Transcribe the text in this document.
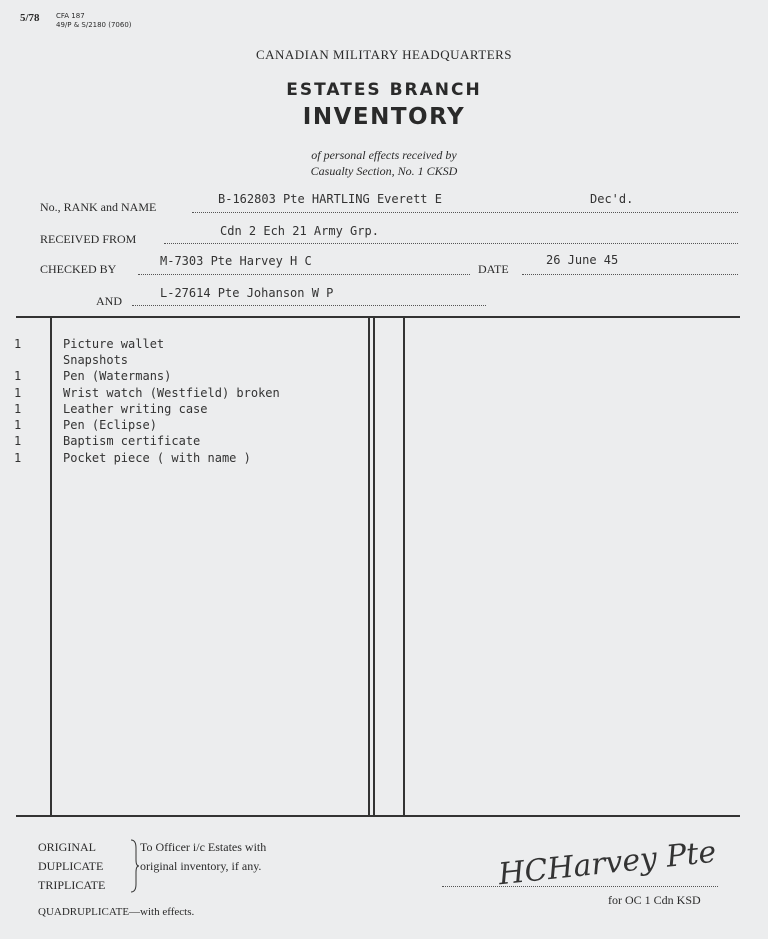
5/78 CFA 187
49/P & S/2180 (7060)
CANADIAN MILITARY HEADQUARTERS
ESTATES BRANCH
INVENTORY
of personal effects received by
Casualty Section, No. 1 CKSD
No., RANK and NAME
B-162803 Pte HARTLING Everett E	Dec'd.
RECEIVED FROM
Cdn 2 Ech 21 Army Grp.
CHECKED BY
M-7303 Pte Harvey H C
DATE
26 June 45
AND
L-27614 Pte Johanson W P
1	Picture wallet
Snapshots
1	Pen (Watermans)
1	Wrist watch (Westfield) broken
1	Leather writing case
1	Pen (Eclipse)
1	Baptism certificate
1	Pocket piece ( with name )
ORIGINAL
DUPLICATE
TRIPLICATE
To Officer i/c Estates with
original inventory, if any.
QUADRUPLICATE—with effects.
HCHarvey Pte
for OC 1 Cdn KSD
